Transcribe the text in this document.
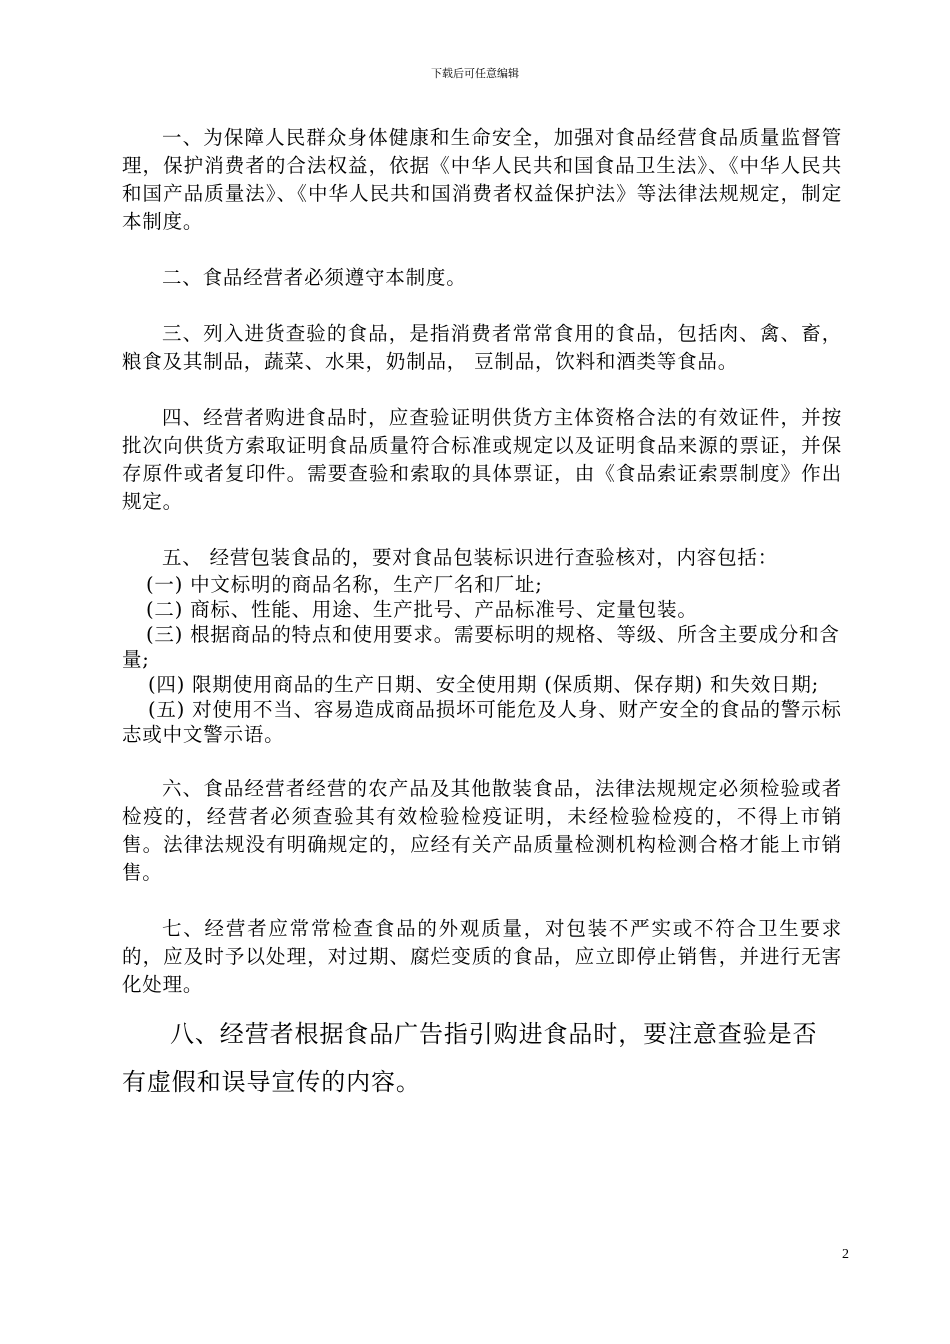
下载后可任意编辑

一、为保障人民群众身体健康和生命安全，加强对食品经营食品质量监督管理，保护消费者的合法权益，依据《中华人民共和国食品卫生法》、《中华人民共和国产品质量法》、《中华人民共和国消费者权益保护法》等法律法规规定，制定本制度。

二、食品经营者必须遵守本制度。

三、列入进货查验的食品，是指消费者常常食用的食品，包括肉、禽、畜，粮食及其制品，蔬菜、水果，奶制品， 豆制品，饮料和酒类等食品。

四、经营者购进食品时，应查验证明供货方主体资格合法的有效证件，并按批次向供货方索取证明食品质量符合标准或规定以及证明食品来源的票证，并保存原件或者复印件。需要查验和索取的具体票证，由《食品索证索票制度》作出规定。

五、 经营包装食品的，要对食品包装标识进行查验核对，内容包括：

(一) 中文标明的商品名称，生产厂名和厂址;

(二) 商标、性能、用途、生产批号、产品标准号、定量包装。

(三) 根据商品的特点和使用要求。需要标明的规格、等级、所含主要成分和含量;

(四) 限期使用商品的生产日期、安全使用期 (保质期、保存期) 和失效日期;

(五) 对使用不当、容易造成商品损坏可能危及人身、财产安全的食品的警示标志或中文警示语。

六、食品经营者经营的农产品及其他散装食品，法律法规规定必须检验或者检疫的，经营者必须查验其有效检验检疫证明，未经检验检疫的，不得上市销售。法律法规没有明确规定的，应经有关产品质量检测机构检测合格才能上市销售。

七、经营者应常常检查食品的外观质量，对包装不严实或不符合卫生要求的，应及时予以处理，对过期、腐烂变质的食品，应立即停止销售，并进行无害化处理。

八、经营者根据食品广告指引购进食品时，要注意查验是否有虚假和误导宣传的内容。

2
